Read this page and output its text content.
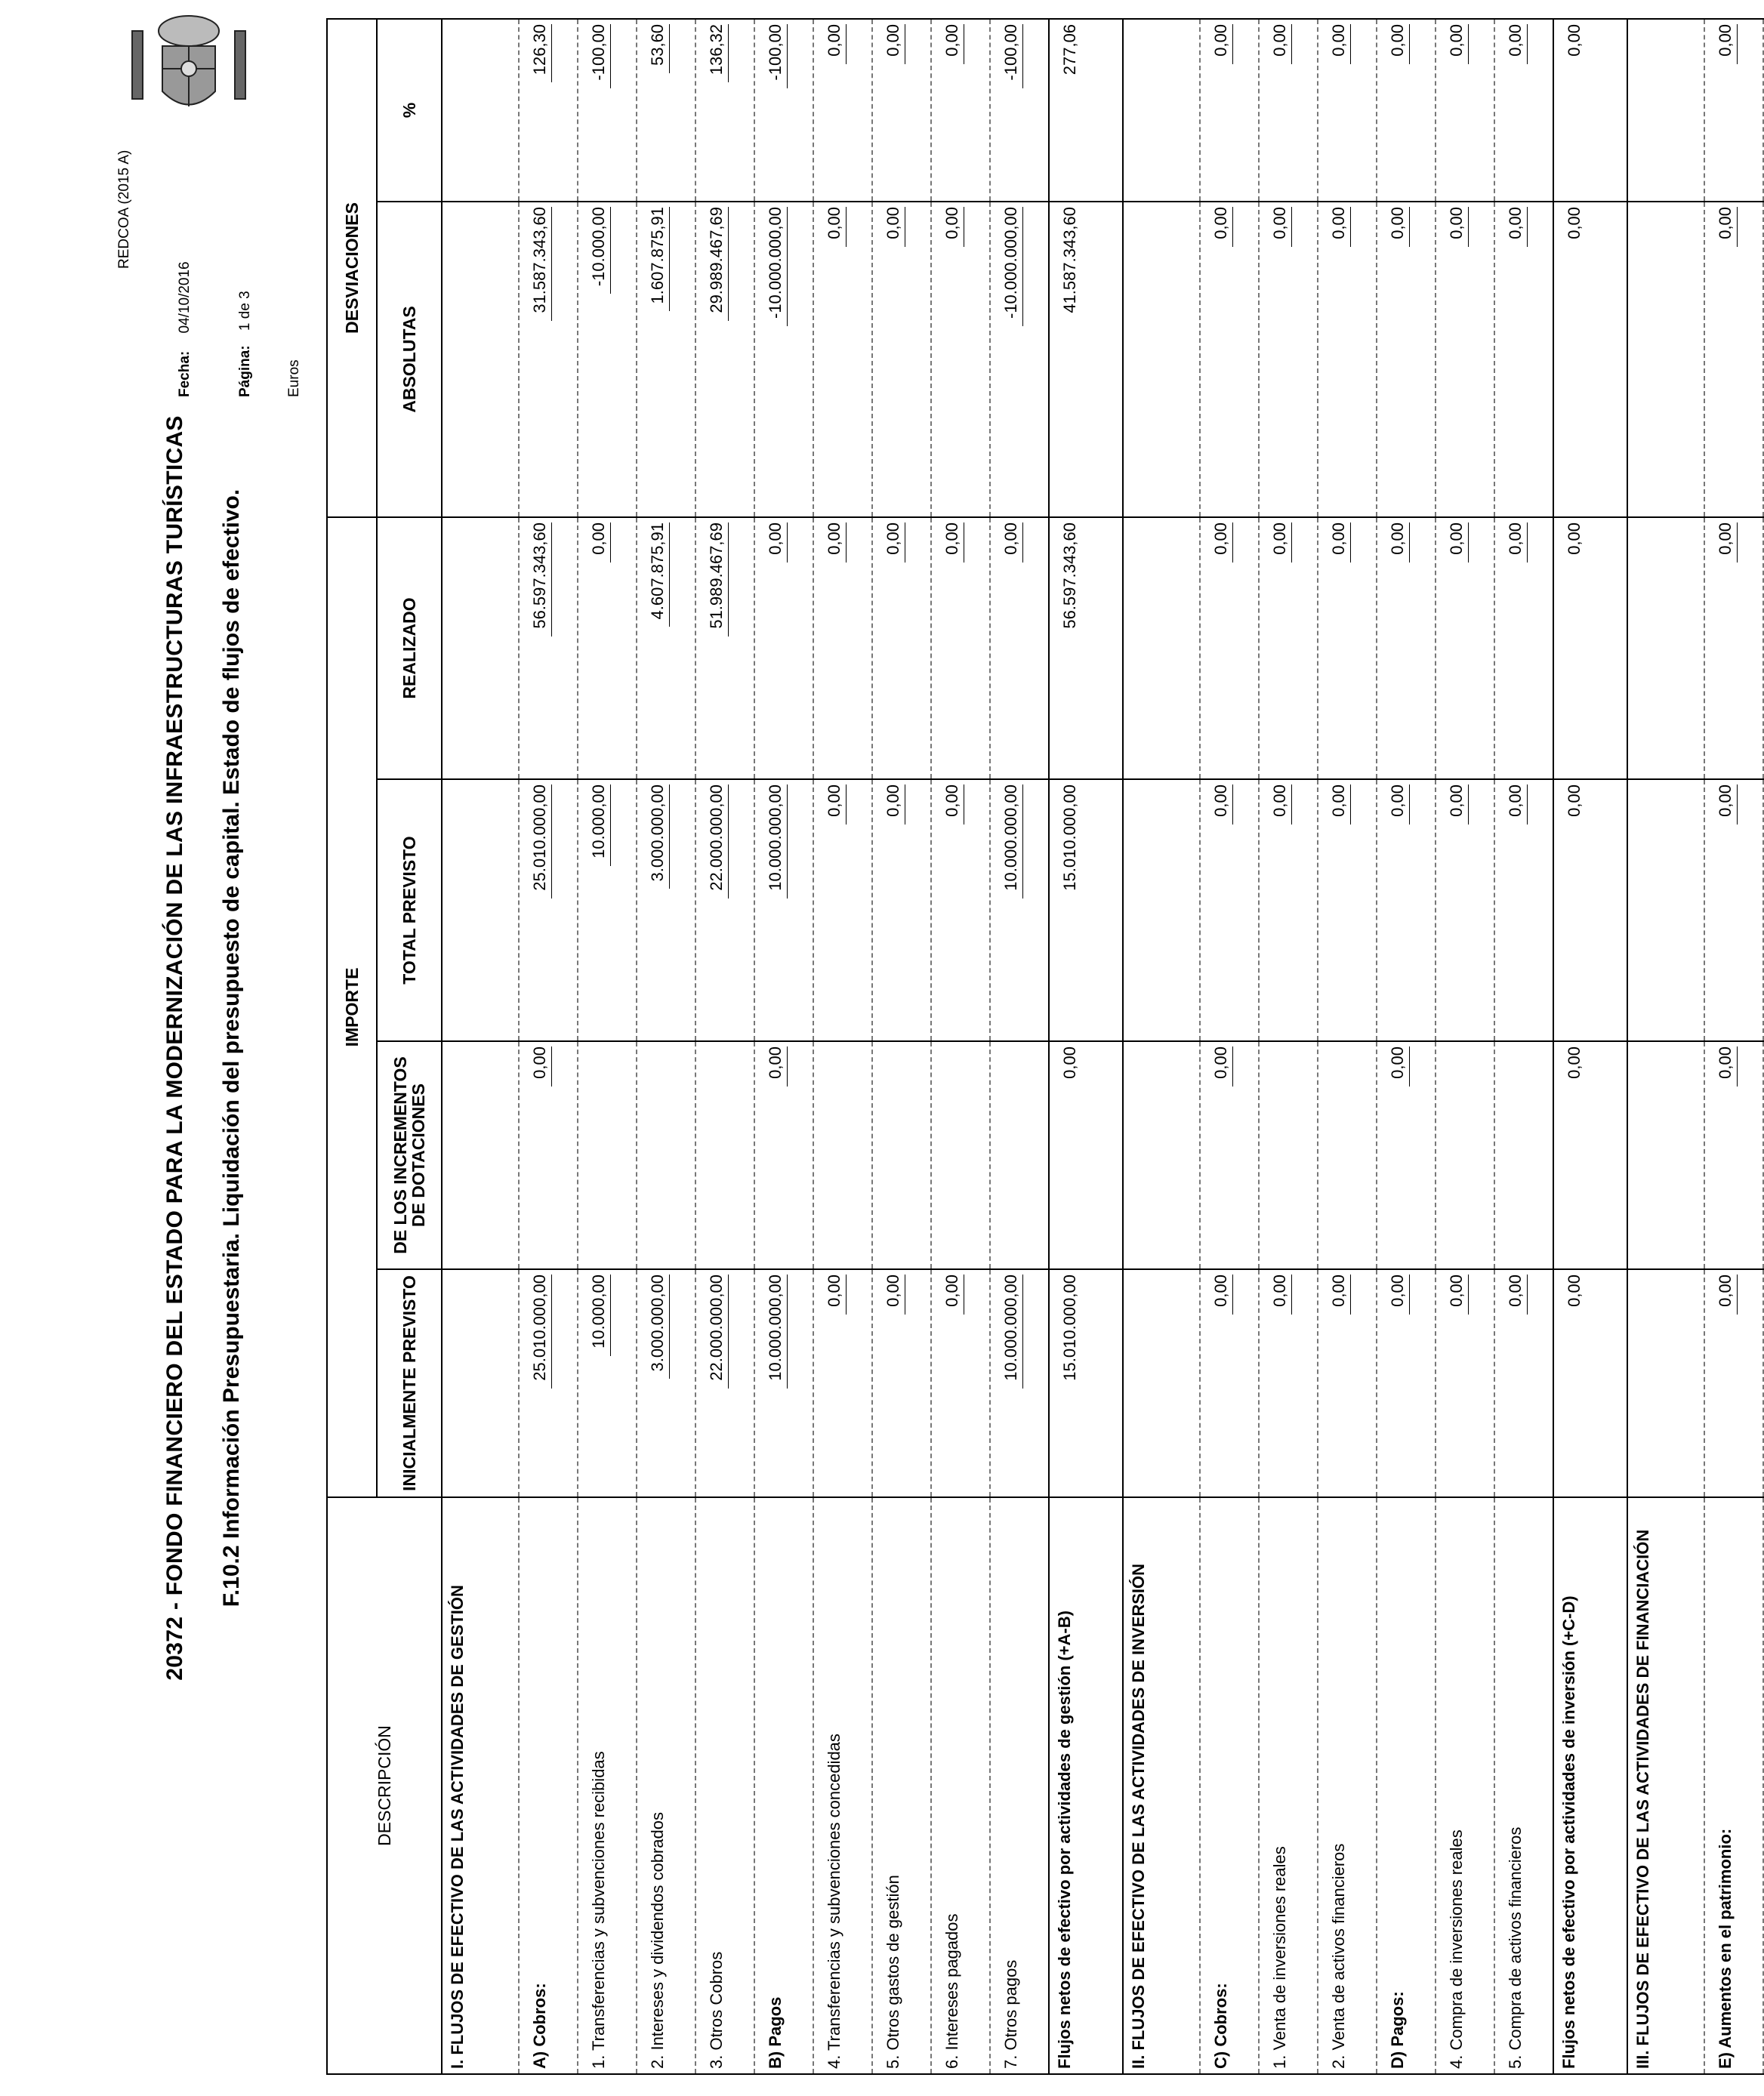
20372 - FONDO FINANCIERO DEL ESTADO PARA LA MODERNIZACIÓN DE LAS INFRAESTRUCTURAS TURÍSTICAS F.10.2 Información Presupuestaria. Liquidación del presupuesto de capital. Estado de flujos de efectivo.
REDCOA (2015 A)
Fecha: 04/10/2016
Página: 1 de 3
Euros
DESCRIPCIÓN	IMPORTE				DESVIACIONES	
	INICIALMENTE PREVISTO	DE LOS INCREMENTOS DE DOTACIONES	TOTAL PREVISTO	REALIZADO	ABSOLUTAS	%
I. FLUJOS DE EFECTIVO DE LAS ACTIVIDADES DE GESTIÓN						
A) Cobros:	25.010.000,00	0,00	25.010.000,00	56.597.343,60	31.587.343,60	126,30
1. Transferencias y subvenciones recibidas	10.000,00		10.000,00	0,00	-10.000,00	-100,00
2. Intereses y dividendos cobrados	3.000.000,00		3.000.000,00	4.607.875,91	1.607.875,91	53,60
3. Otros Cobros	22.000.000,00		22.000.000,00	51.989.467,69	29.989.467,69	136,32
B) Pagos	10.000.000,00	0,00	10.000.000,00	0,00	-10.000.000,00	-100,00
4. Transferencias y subvenciones concedidas	0,00		0,00	0,00	0,00	0,00
5. Otros gastos de gestión	0,00		0,00	0,00	0,00	0,00
6. Intereses pagados	0,00		0,00	0,00	0,00	0,00
7. Otros pagos	10.000.000,00		10.000.000,00	0,00	-10.000.000,00	-100,00
Flujos netos de efectivo por actividades de gestión (+A-B)	15.010.000,00	0,00	15.010.000,00	56.597.343,60	41.587.343,60	277,06
II. FLUJOS DE EFECTIVO DE LAS ACTIVIDADES DE INVERSIÓN						
C) Cobros:	0,00	0,00	0,00	0,00	0,00	0,00
1. Venta de inversiones reales	0,00		0,00	0,00	0,00	0,00
2. Venta de activos financieros	0,00		0,00	0,00	0,00	0,00
D) Pagos:	0,00	0,00	0,00	0,00	0,00	0,00
4. Compra de inversiones reales	0,00		0,00	0,00	0,00	0,00
5. Compra de activos financieros	0,00		0,00	0,00	0,00	0,00
Flujos netos de efectivo por actividades de inversión (+C-D)	0,00	0,00	0,00	0,00	0,00	0,00
III. FLUJOS DE EFECTIVO DE LAS ACTIVIDADES DE FINANCIACIÓN						
E) Aumentos en el patrimonio:	0,00	0,00	0,00	0,00	0,00	0,00
